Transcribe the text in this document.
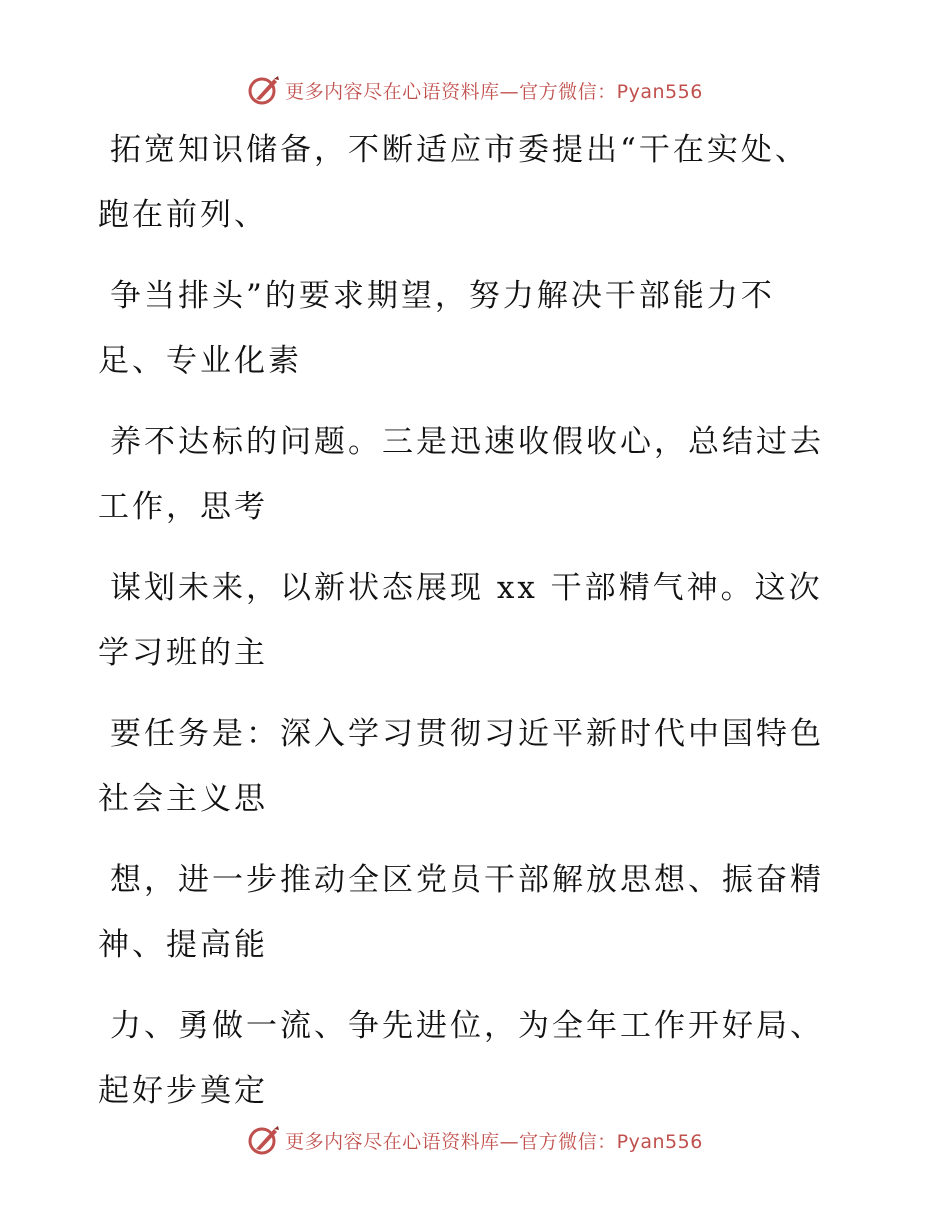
更多内容尽在心语资料库—官方微信：Pyan556

拓宽知识储备，不断适应市委提出“干在实处、
跑在前列、

争当排头”的要求期望，努力解决干部能力不
足、专业化素

养不达标的问题。三是迅速收假收心，总结过去
工作，思考

谋划未来，以新状态展现 xx 干部精气神。这次
学习班的主

要任务是：深入学习贯彻习近平新时代中国特色
社会主义思

想，进一步推动全区党员干部解放思想、振奋精
神、提高能

力、勇做一流、争先进位，为全年工作开好局、
起好步奠定

更多内容尽在心语资料库—官方微信：Pyan556
